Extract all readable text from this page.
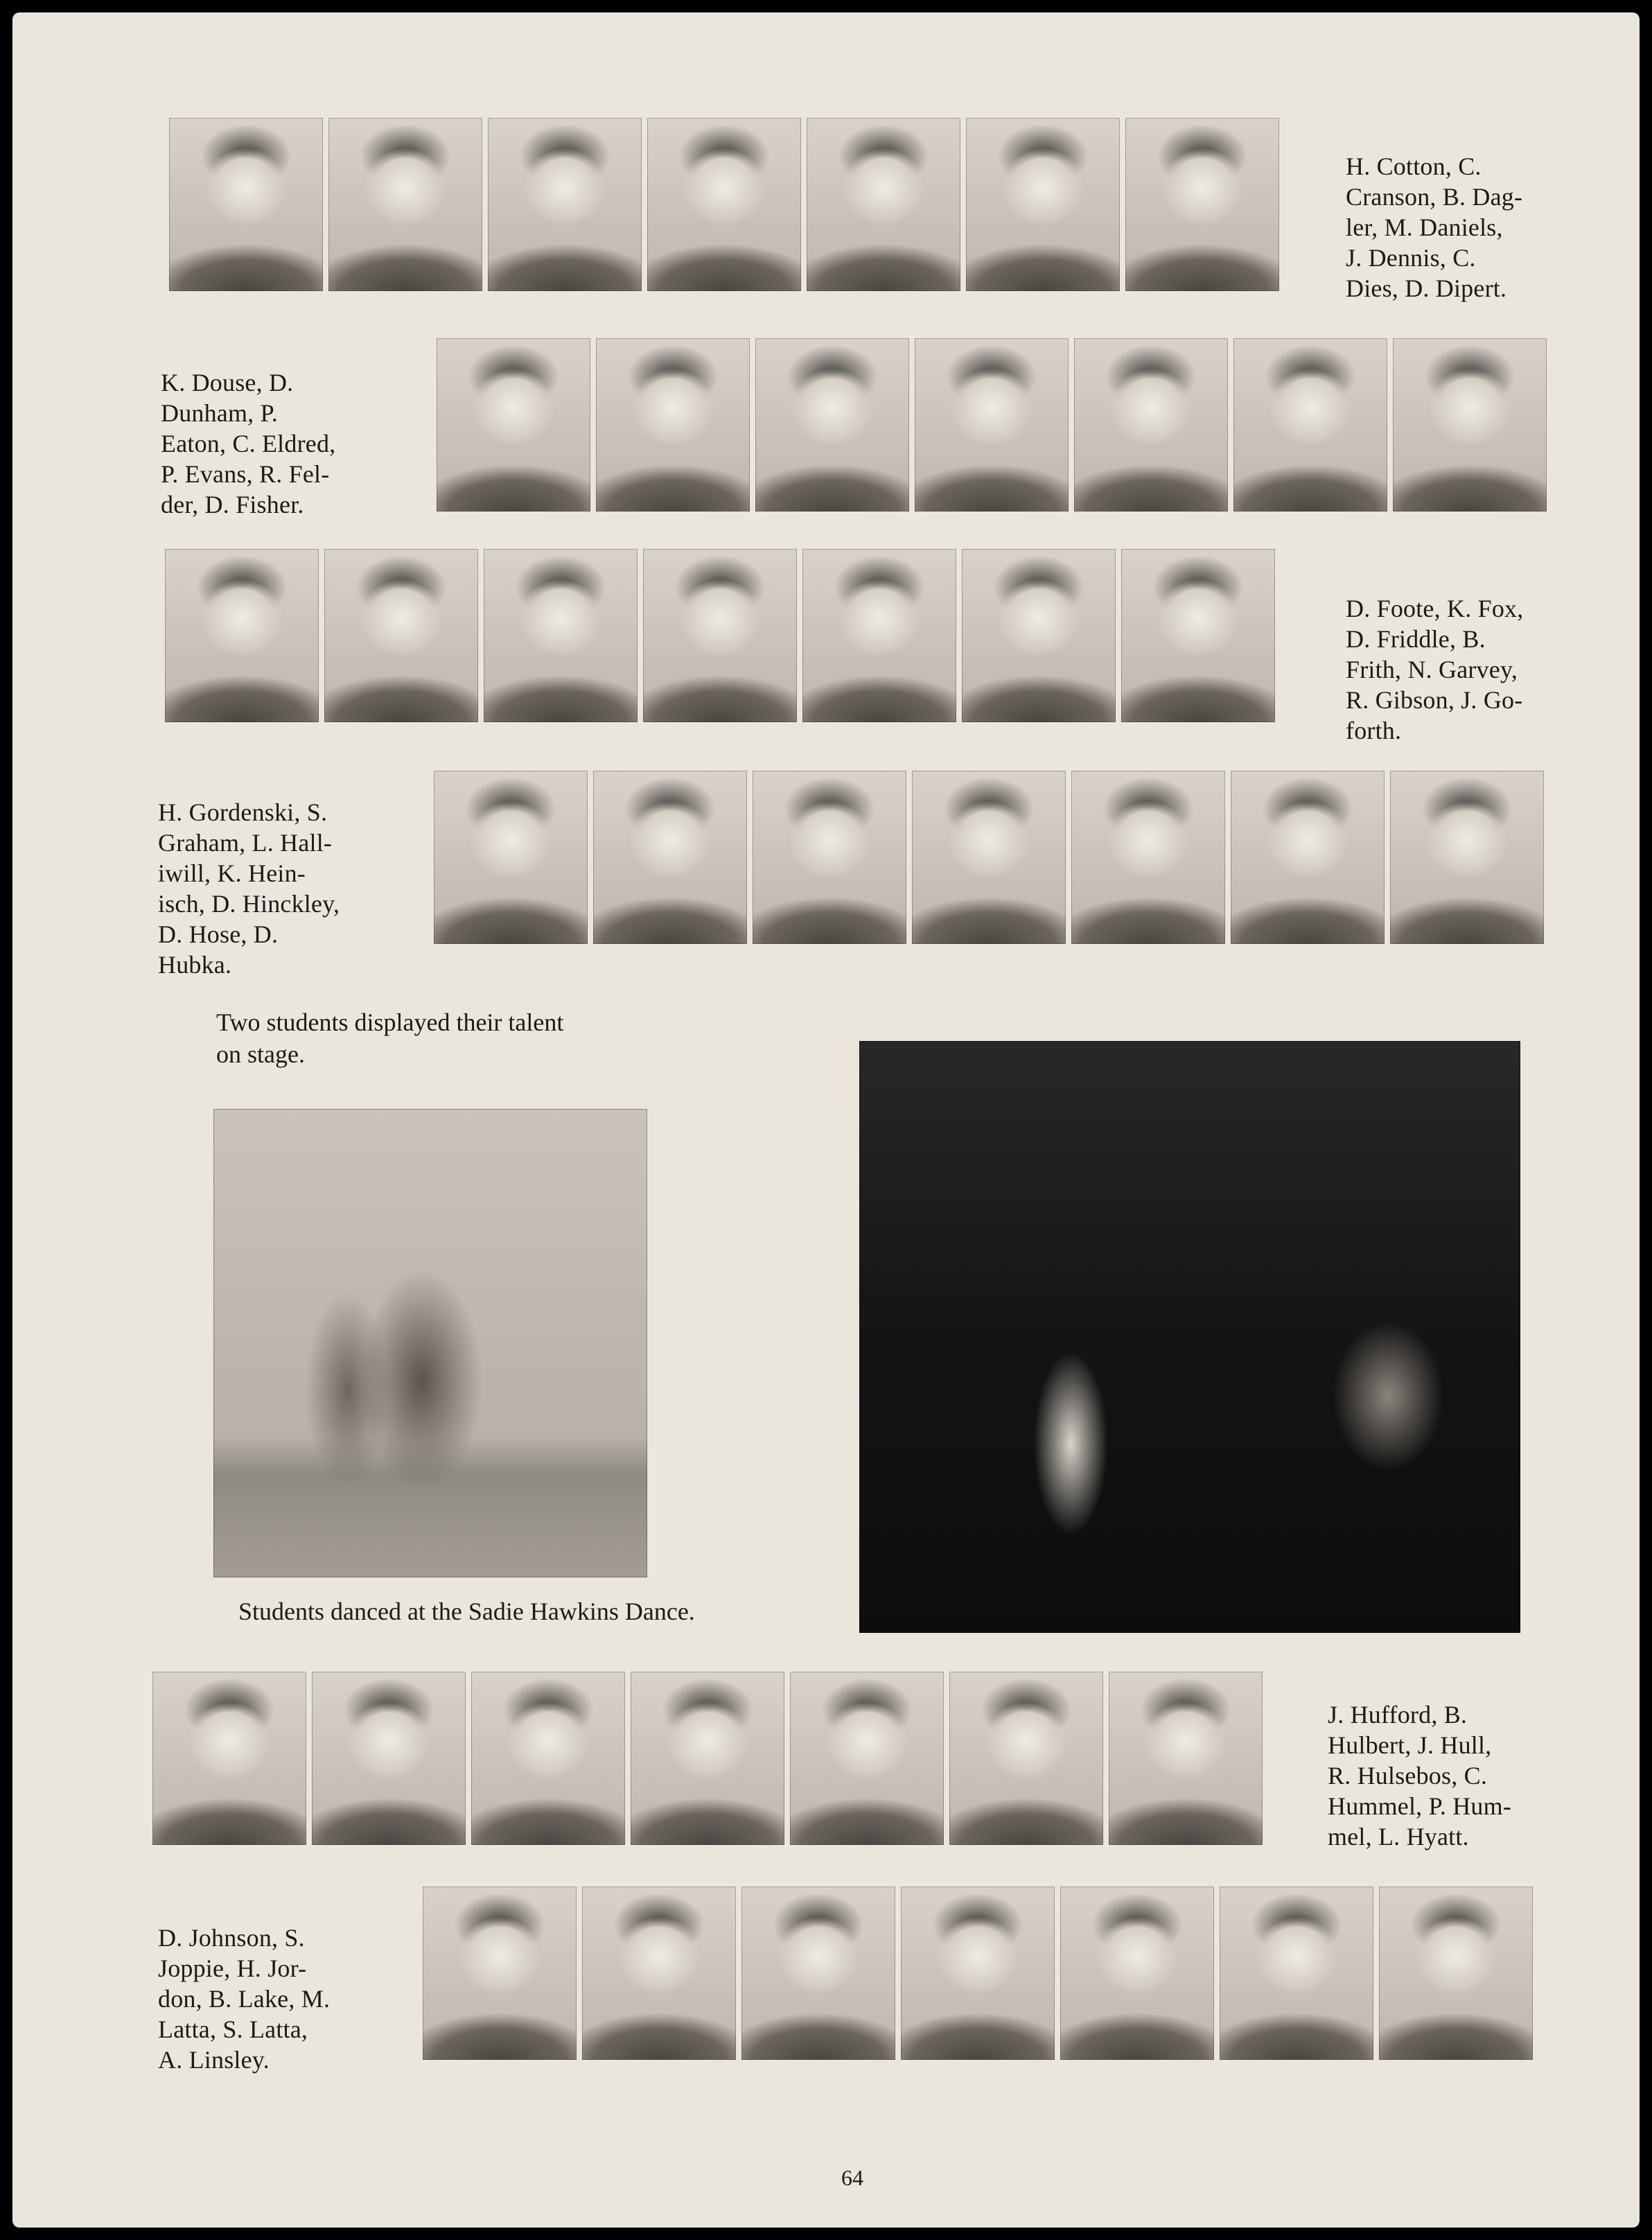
H. Cotton, C.
Cranson, B. Dag-
ler, M. Daniels,
J. Dennis, C.
Dies, D. Dipert.
K. Douse, D.
Dunham, P.
Eaton, C. Eldred,
P. Evans, R. Fel-
der, D. Fisher.
D. Foote, K. Fox,
D. Friddle, B.
Frith, N. Garvey,
R. Gibson, J. Go-
forth.
H. Gordenski, S.
Graham, L. Hall-
iwill, K. Hein-
isch, D. Hinckley,
D. Hose, D.
Hubka.
Two students displayed their talent
on stage.
Students danced at the Sadie Hawkins Dance.
J. Hufford, B.
Hulbert, J. Hull,
R. Hulsebos, C.
Hummel, P. Hum-
mel, L. Hyatt.
D. Johnson, S.
Joppie, H. Jor-
don, B. Lake, M.
Latta, S. Latta,
A. Linsley.
64
